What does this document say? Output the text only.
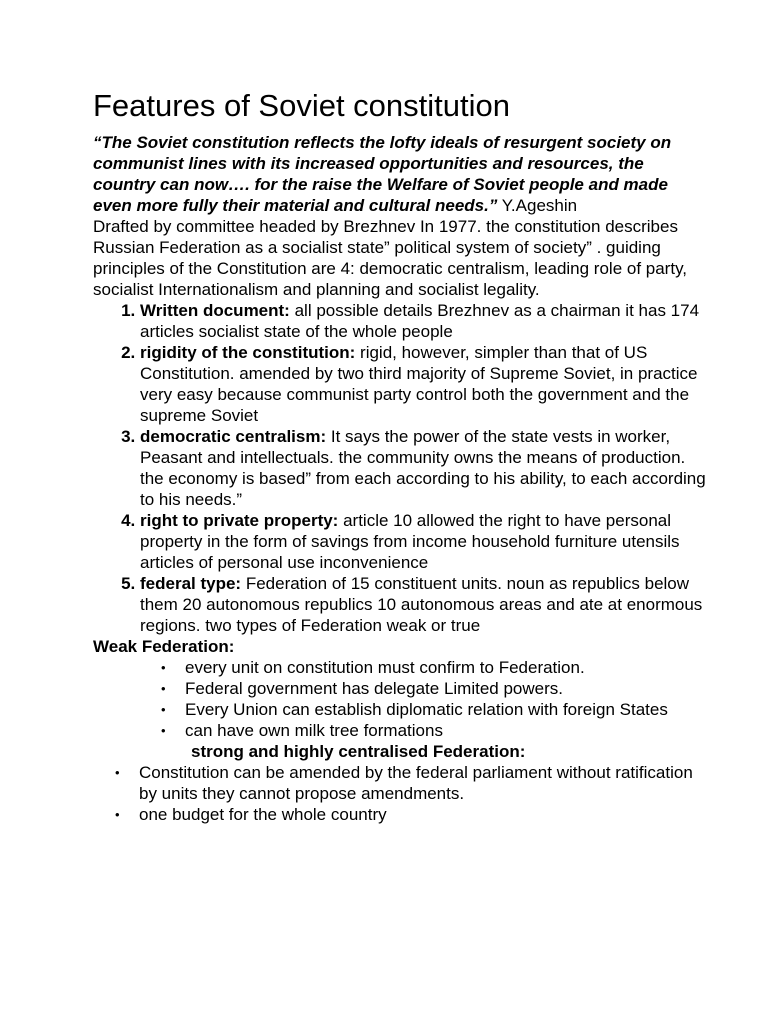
Features of Soviet constitution

“The Soviet constitution reflects the lofty ideals of resurgent society on communist lines with its increased opportunities and resources, the country can now…. for the raise the Welfare of Soviet people and made even more fully their material and cultural needs.” Y.Ageshin

Drafted by committee headed by Brezhnev In 1977. the constitution describes Russian Federation as a socialist state” political system of society” . guiding principles of the Constitution are 4: democratic centralism, leading role of party, socialist Internationalism and planning and socialist legality.

1. Written document: all possible details Brezhnev as a chairman it has 174 articles socialist state of the whole people
2. rigidity of the constitution: rigid, however, simpler than that of US Constitution. amended by two third majority of Supreme Soviet, in practice very easy because communist party control both the government and the supreme Soviet
3. democratic centralism: It says the power of the state vests in worker, Peasant and intellectuals. the community owns the means of production. the economy is based” from each according to his ability, to each according to his needs.”
4. right to private property: article 10 allowed the right to have personal property in the form of savings from income household furniture utensils articles of personal use inconvenience
5. federal type: Federation of 15 constituent units. noun as republics below them 20 autonomous republics 10 autonomous areas and ate at enormous regions. two types of Federation weak or true

Weak Federation:

• every unit on constitution must confirm to Federation.
• Federal government has delegate Limited powers.
• Every Union can establish diplomatic relation with foreign States
• can have own milk tree formations

strong and highly centralised Federation:

• Constitution can be amended by the federal parliament without ratification by units they cannot propose amendments.
• one budget for the whole country
